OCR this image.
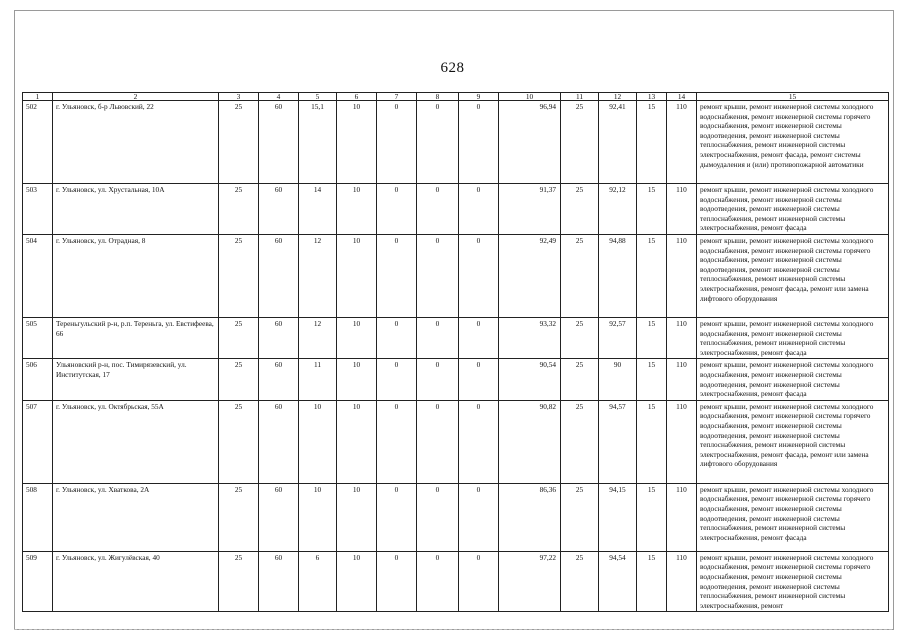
628
1	2	3	4	5	6	7	8	9	10	11	12	13	14	15
502	г. Ульяновск, б-р Львовский, 22	25	60	15,1	10	0	0	0	96,94	25	92,41	15	110	ремонт крыши, ремонт инженерной системы холодного водоснабжения, ремонт инженерной системы горячего водоснабжения, ремонт инженерной системы водоотведения, ремонт инженерной системы теплоснабжения, ремонт инженерной системы электроснабжения, ремонт фасада, ремонт системы дымоудаления и (или) противопожарной автоматики
503	г. Ульяновск, ул. Хрустальная, 10А	25	60	14	10	0	0	0	91,37	25	92,12	15	110	ремонт крыши, ремонт инженерной системы холодного водоснабжения, ремонт инженерной системы водоотведения, ремонт инженерной системы теплоснабжения, ремонт инженерной системы электроснабжения, ремонт фасада
504	г. Ульяновск, ул. Отрадная, 8	25	60	12	10	0	0	0	92,49	25	94,88	15	110	ремонт крыши, ремонт инженерной системы холодного водоснабжения, ремонт инженерной системы горячего водоснабжения, ремонт инженерной системы водоотведения, ремонт инженерной системы теплоснабжения, ремонт инженерной системы электроснабжения, ремонт фасада, ремонт или замена лифтового оборудования
505	Тереньгульский р-н, р.п. Тереньга, ул. Евстифеева, 66	25	60	12	10	0	0	0	93,32	25	92,57	15	110	ремонт крыши, ремонт инженерной системы холодного водоснабжения, ремонт инженерной системы теплоснабжения, ремонт инженерной системы электроснабжения, ремонт фасада
506	Ульяновский р-н, пос. Тимирязевский, ул. Институтская, 17	25	60	11	10	0	0	0	90,54	25	90	15	110	ремонт крыши, ремонт инженерной системы холодного водоснабжения, ремонт инженерной системы водоотведения, ремонт инженерной системы электроснабжения, ремонт фасада
507	г. Ульяновск, ул. Октябрьская, 55А	25	60	10	10	0	0	0	90,82	25	94,57	15	110	ремонт крыши, ремонт инженерной системы холодного водоснабжения, ремонт инженерной системы горячего водоснабжения, ремонт инженерной системы водоотведения, ремонт инженерной системы теплоснабжения, ремонт инженерной системы электроснабжения, ремонт фасада, ремонт или замена лифтового оборудования
508	г. Ульяновск, ул. Хваткова, 2А	25	60	10	10	0	0	0	86,36	25	94,15	15	110	ремонт крыши, ремонт инженерной системы холодного водоснабжения, ремонт инженерной системы горячего водоснабжения, ремонт инженерной системы водоотведения, ремонт инженерной системы теплоснабжения, ремонт инженерной системы электроснабжения, ремонт фасада
509	г. Ульяновск, ул. Жигулёвская, 40	25	60	6	10	0	0	0	97,22	25	94,54	15	110	ремонт крыши, ремонт инженерной системы холодного водоснабжения, ремонт инженерной системы горячего водоснабжения, ремонт инженерной системы водоотведения, ремонт инженерной системы теплоснабжения, ремонт инженерной системы электроснабжения, ремонт
